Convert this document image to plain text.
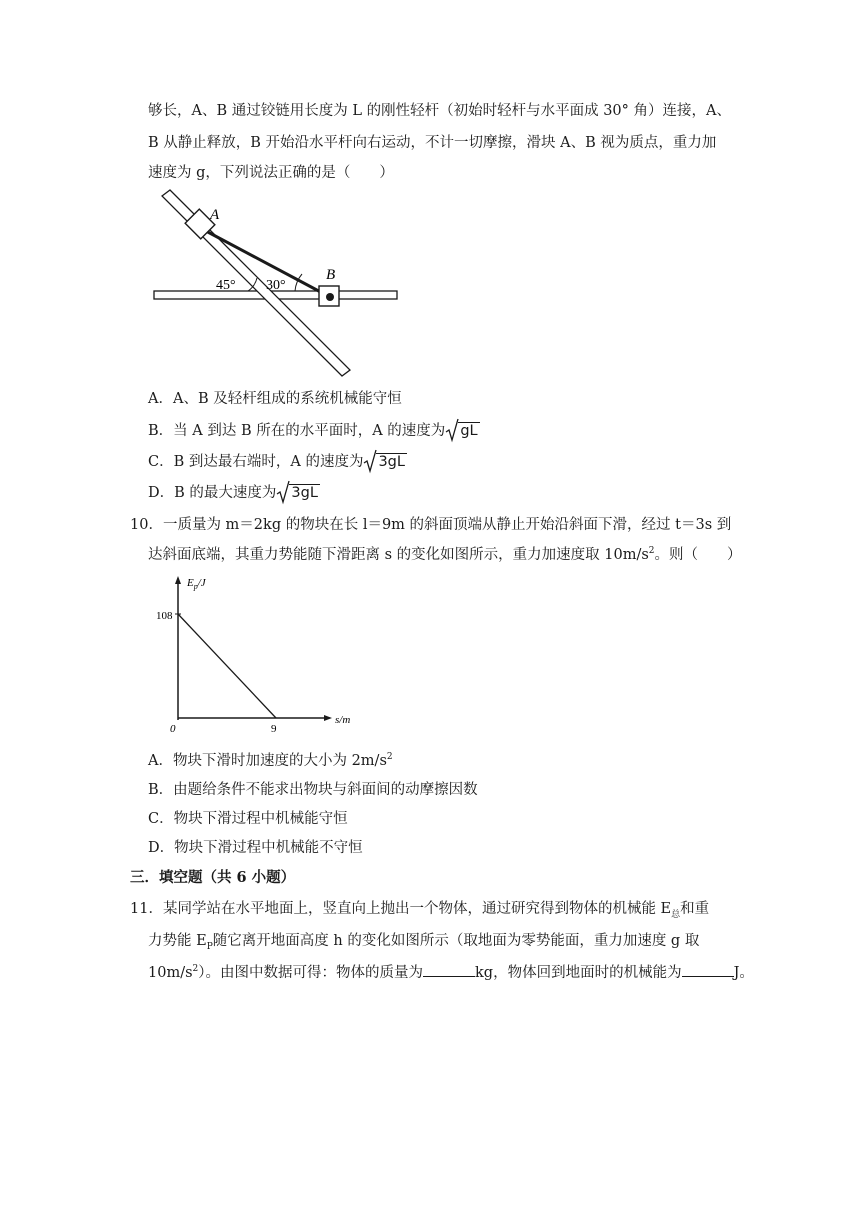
够长，A、B 通过铰链用长度为 L 的刚性轻杆（初始时轻杆与水平面成 30° 角）连接，A、
B 从静止释放，B 开始沿水平杆向右运动，不计一切摩擦，滑块 A、B 视为质点，重力加
速度为 g，下列说法正确的是（　　）
A
B
45° 30°
A．A、B 及轻杆组成的系统机械能守恒
B．当 A 到达 B 所在的水平面时，A 的速度为 gL
C．B 到达最右端时，A 的速度为 3gL
D．B 的最大速度为 3gL
10．一质量为 m＝2kg 的物块在长 l＝9m 的斜面顶端从静止开始沿斜面下滑，经过 t＝3s 到
达斜面底端，其重力势能随下滑距离 s 的变化如图所示，重力加速度取 $10m/s^2$。则（　　）
$E_p/J$
s/m
0
108
9
A．物块下滑时加速度的大小为 $2m/s^2$
B．由题给条件不能求出物块与斜面间的动摩擦因数
C．物块下滑过程中机械能守恒
D．物块下滑过程中机械能不守恒
三．填空题（共 6 小题）
11．某同学站在水平地面上，竖直向上抛出一个物体，通过研究得到物体的机械能 $E_总$和重
力势能 $E_P$随它离开地面高度 h 的变化如图所示（取地面为零势能面，重力加速度 g 取
$10m/s^2$）。由图中数据可得：物体的质量为	kg，物体回到地面时的机械能为	J。
